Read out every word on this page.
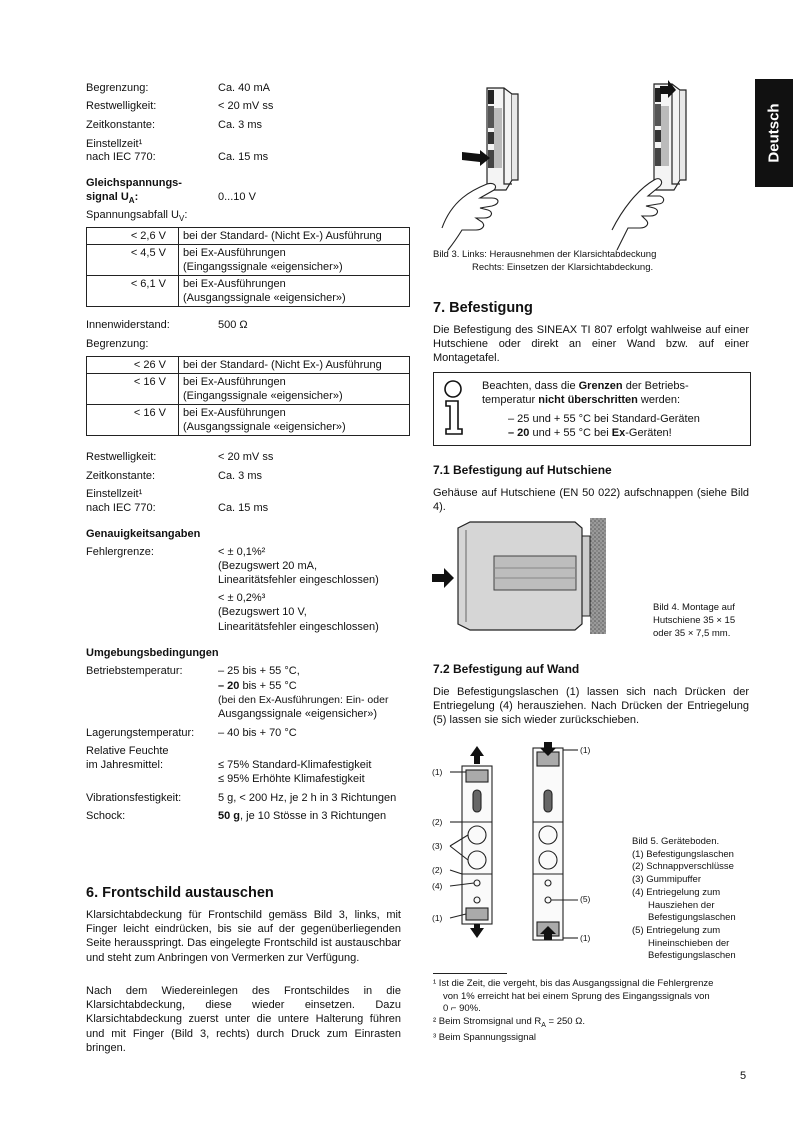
Deutsch
Begrenzung:	Ca. 40 mA
Restwelligkeit:	< 20 mV ss
Zeitkonstante:	Ca. 3 ms
Einstellzeit¹
nach IEC 770:	Ca. 15 ms
Gleichspannungs-
signal $U_A$:	0...10 V
Spannungsabfall $U_V$:
< 2,6 V	bei der Standard- (Nicht Ex-) Ausführung
< 4,5 V	bei Ex-Ausführungen
(Eingangssignale «eigensicher»)

< 6,1 V	bei Ex-Ausführungen
(Ausgangssignale «eigensicher»)
Innenwiderstand:	500 Ω
Begrenzung:
< 26 V	bei der Standard- (Nicht Ex-) Ausführung
< 16 V	bei Ex-Ausführungen
(Eingangssignale «eigensicher»)

< 16 V	bei Ex-Ausführungen
(Ausgangssignale «eigensicher»)
Restwelligkeit:	< 20 mV ss
Zeitkonstante:	Ca. 3 ms
Einstellzeit¹
nach IEC 770:	Ca. 15 ms
Genauigkeitsangaben
Fehlergrenze:	< ± 0,1%²
(Bezugswert 20 mA,
Linearitätsfehler eingeschlossen)
< ± 0,2%³
(Bezugswert 10 V,
Linearitätsfehler eingeschlossen)
Umgebungsbedingungen
Betriebstemperatur:	– 25 bis + 55 °C,
– 20 bis + 55 °C
(bei den Ex-Ausführungen: Ein- oder
Ausgangssignale «eigensicher»)
Lagerungstemperatur: – 40 bis + 70 °C
Relative Feuchte
im Jahresmittel:	≤ 75% Standard-Klimafestigkeit
≤ 95% Erhöhte Klimafestigkeit
Vibrationsfestigkeit:	5 g, < 200 Hz, je 2 h in 3 Richtungen
Schock:	50 g, je 10 Stösse in 3 Richtungen
6. Frontschild austauschen
Klarsichtabdeckung für Frontschild gemäss Bild 3, links, mit Finger leicht eindrücken, bis sie auf der gegenüberliegenden Seite herausspringt. Das eingelegte Frontschild ist austauschbar und steht zum Anbringen von Vermerken zur Verfügung.
Nach dem Wiedereinlegen des Frontschildes in die Klarsichtabdeckung, diese wieder einsetzen. Dazu Klarsichtabdeckung zuerst unter die untere Halterung führen und mit Finger (Bild 3, rechts) durch Druck zum Einrasten bringen.
Bild 3. Links: Herausnehmen der Klarsichtabdeckung
Rechts: Einsetzen der Klarsichtabdeckung.
7. Befestigung
Die Befestigung des SINEAX TI 807 erfolgt wahlweise auf einer Hutschiene oder direkt an einer Wand bzw. auf einer Montagetafel.
Beachten, dass die Grenzen der Betriebs-
temperatur nicht überschritten werden:
– 25 und + 55 °C bei Standard-Geräten
– 20 und + 55 °C bei Ex-Geräten!
7.1 Befestigung auf Hutschiene
Gehäuse auf Hutschiene (EN 50 022) aufschnappen (siehe Bild 4).
Bild 4. Montage auf
Hutschiene 35 × 15
oder 35 × 7,5 mm.
7.2 Befestigung auf Wand
Die Befestigungslaschen (1) lassen sich nach Drücken der Entriegelung (4) herausziehen. Nach Drücken der Entriegelung (5) lassen sie sich wieder zurückschieben.
(1)
(2)
(3)
(2)
(4)
(1)
(1)
(5)
(1)
Bild 5. Geräteboden.
(1) Befestigungslaschen
(2) Schnappverschlüsse
(3) Gummipuffer
(4) Entriegelung zum
Hausziehen der
Befestigungslaschen
(5) Entriegelung zum
Hineinschieben der
Befestigungslaschen
¹ Ist die Zeit, die vergeht, bis das Ausgangssignal die Fehlergrenze
von 1% erreicht hat bei einem Sprung des Eingangssignals von
0 ⌐ 90%.
² Beim Stromsignal und $R_A = 250$ Ω.
³ Beim Spannungssignal
5
